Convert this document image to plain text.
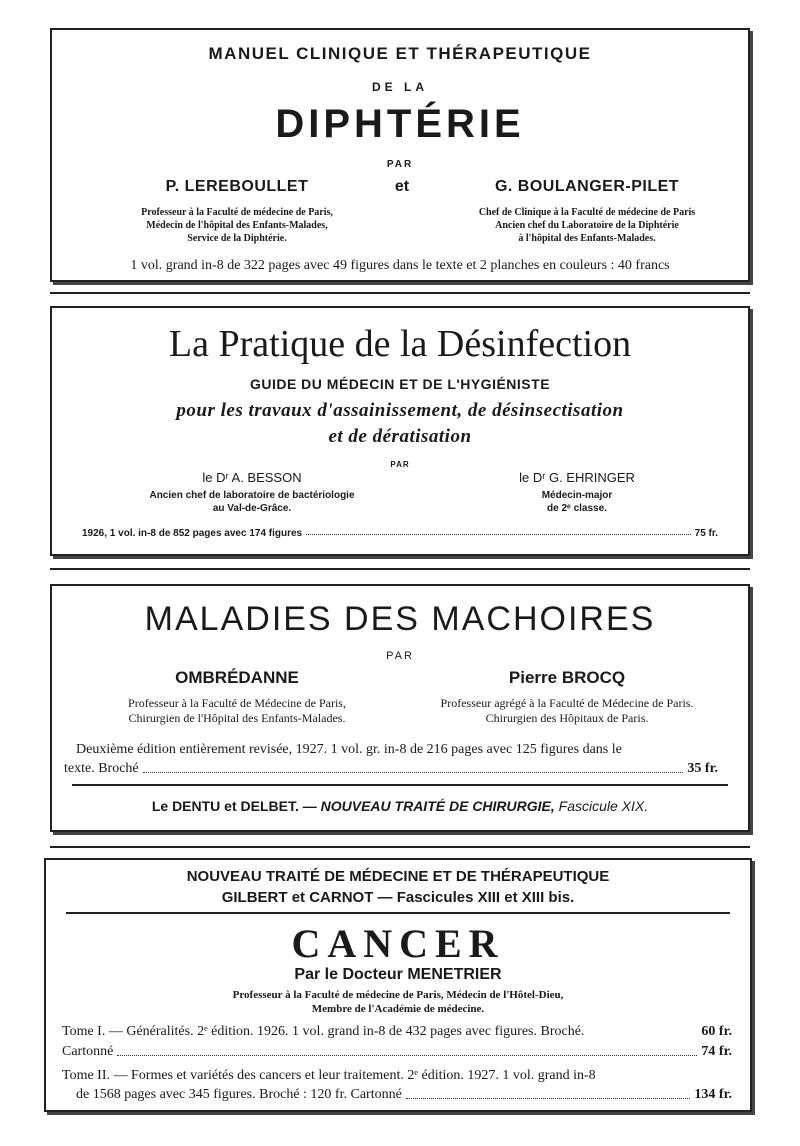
MANUEL CLINIQUE ET THÉRAPEUTIQUE
DE LA
DIPHTÉRIE
PAR
P. LEREBOULLET	et	G. BOULANGER-PILET
Professeur à la Faculté de médecine de Paris,
Médecin de l'hôpital des Enfants-Malades,
Service de la Diphtérie.
Chef de Clinique à la Faculté de médecine de Paris
Ancien chef du Laboratoire de la Diphtérie
à l'hôpital des Enfants-Malades.
1 vol. grand in-8 de 322 pages avec 49 figures dans le texte et 2 planches en couleurs : 40 francs
La Pratique de la Désinfection
GUIDE DU MÉDECIN ET DE L'HYGIÉNISTE
pour les travaux d'assainissement, de désinsectisation
et de dératisation
PAR
le Dʳ A. BESSON	le Dʳ G. EHRINGER
Ancien chef de laboratoire de bactériologie
au Val-de-Grâce.
Médecin-major
de 2ᵉ classe.
1926, 1 vol. in-8 de 852 pages avec 174 figures	75 fr.
MALADIES DES MACHOIRES
PAR
OMBRÉDANNE	Pierre BROCQ
Professeur à la Faculté de Médecine de Paris,
Chirurgien de l'Hôpital des Enfants-Malades.
Professeur agrégé à la Faculté de Médecine de Paris.
Chirurgien des Hôpitaux de Paris.
Deuxième édition entièrement revisée, 1927. 1 vol. gr. in-8 de 216 pages avec 125 figures dans le
texte. Broché	35 fr.
Le DENTU et DELBET. — NOUVEAU TRAITÉ DE CHIRURGIE, Fascicule XIX.
NOUVEAU TRAITÉ DE MÉDECINE ET DE THÉRAPEUTIQUE
GILBERT et CARNOT — Fascicules XIII et XIII bis.
CANCER
Par le Docteur MENETRIER
Professeur à la Faculté de médecine de Paris, Médecin de l'Hôtel-Dieu,
Membre de l'Académie de médecine.
Tome I. — Généralités. 2ᵉ édition. 1926. 1 vol. grand in-8 de 432 pages avec figures. Broché.	60 fr.
Cartonné	74 fr.
Tome II. — Formes et variétés des cancers et leur traitement. 2ᵉ édition. 1927. 1 vol. grand in-8
de 1568 pages avec 345 figures. Broché : 120 fr. Cartonné	134 fr.
